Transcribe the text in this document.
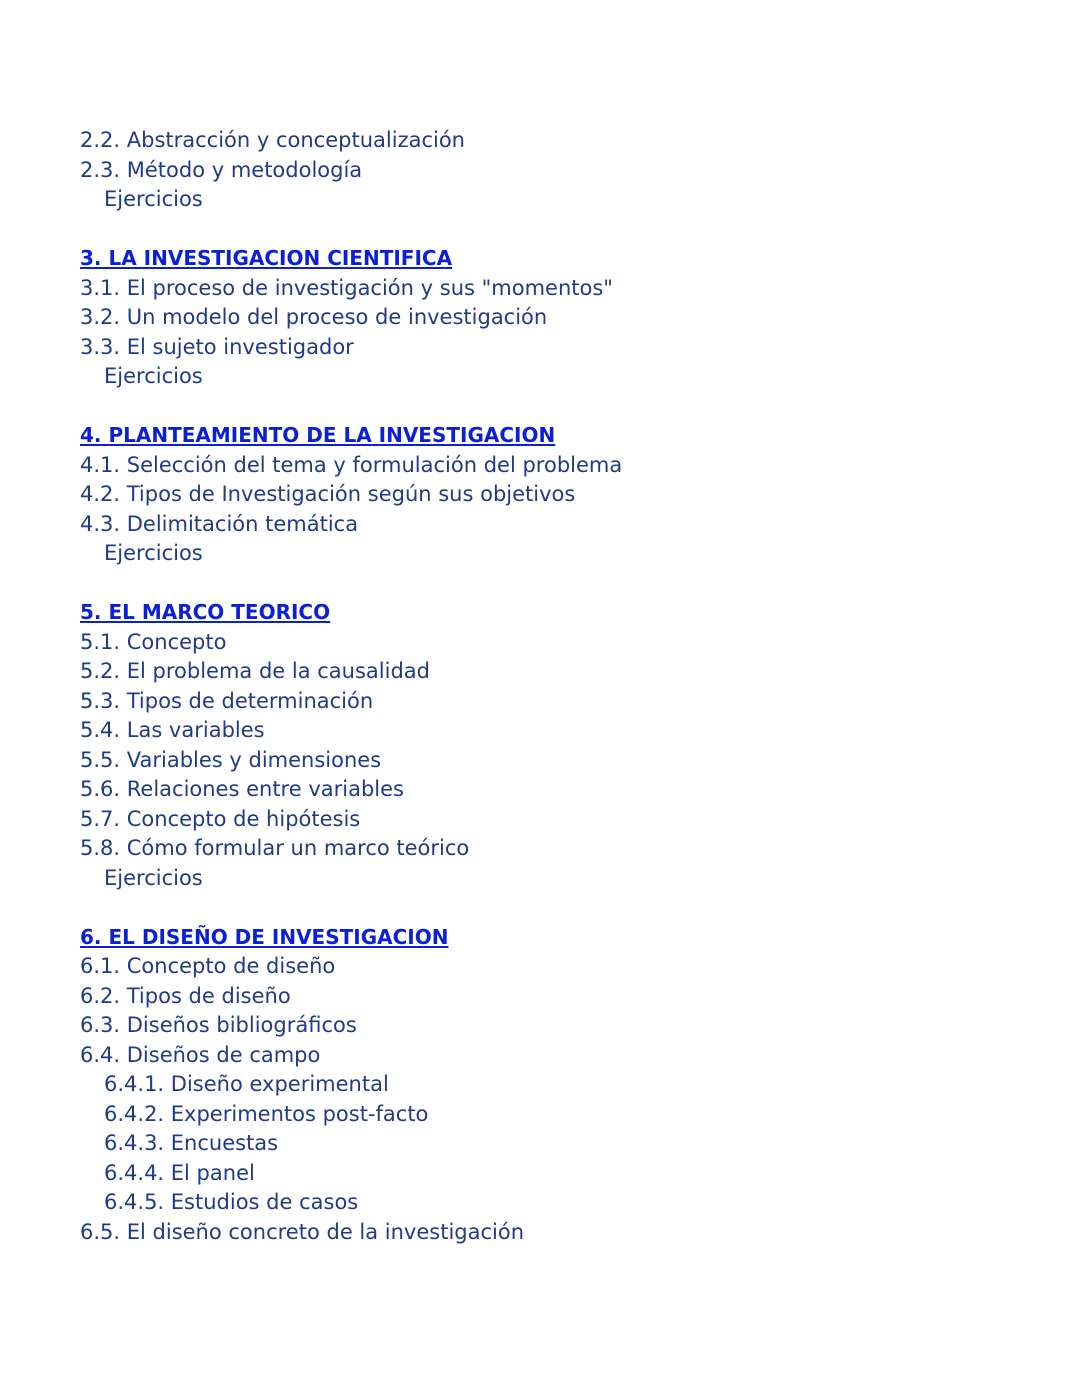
2.2. Abstracción y conceptualización
2.3. Método y metodología
Ejercicios
3. LA INVESTIGACION CIENTIFICA
3.1. El proceso de investigación y sus "momentos"
3.2. Un modelo del proceso de investigación
3.3. El sujeto investigador
Ejercicios
4. PLANTEAMIENTO DE LA INVESTIGACION
4.1. Selección del tema y formulación del problema
4.2. Tipos de Investigación según sus objetivos
4.3. Delimitación temática
Ejercicios
5. EL MARCO TEORICO
5.1. Concepto
5.2. El problema de la causalidad
5.3. Tipos de determinación
5.4. Las variables
5.5. Variables y dimensiones
5.6. Relaciones entre variables
5.7. Concepto de hipótesis
5.8. Cómo formular un marco teórico
Ejercicios
6. EL DISEÑO DE INVESTIGACION
6.1. Concepto de diseño
6.2. Tipos de diseño
6.3. Diseños bibliográficos
6.4. Diseños de campo
6.4.1. Diseño experimental
6.4.2. Experimentos post-facto
6.4.3. Encuestas
6.4.4. El panel
6.4.5. Estudios de casos
6.5. El diseño concreto de la investigación
